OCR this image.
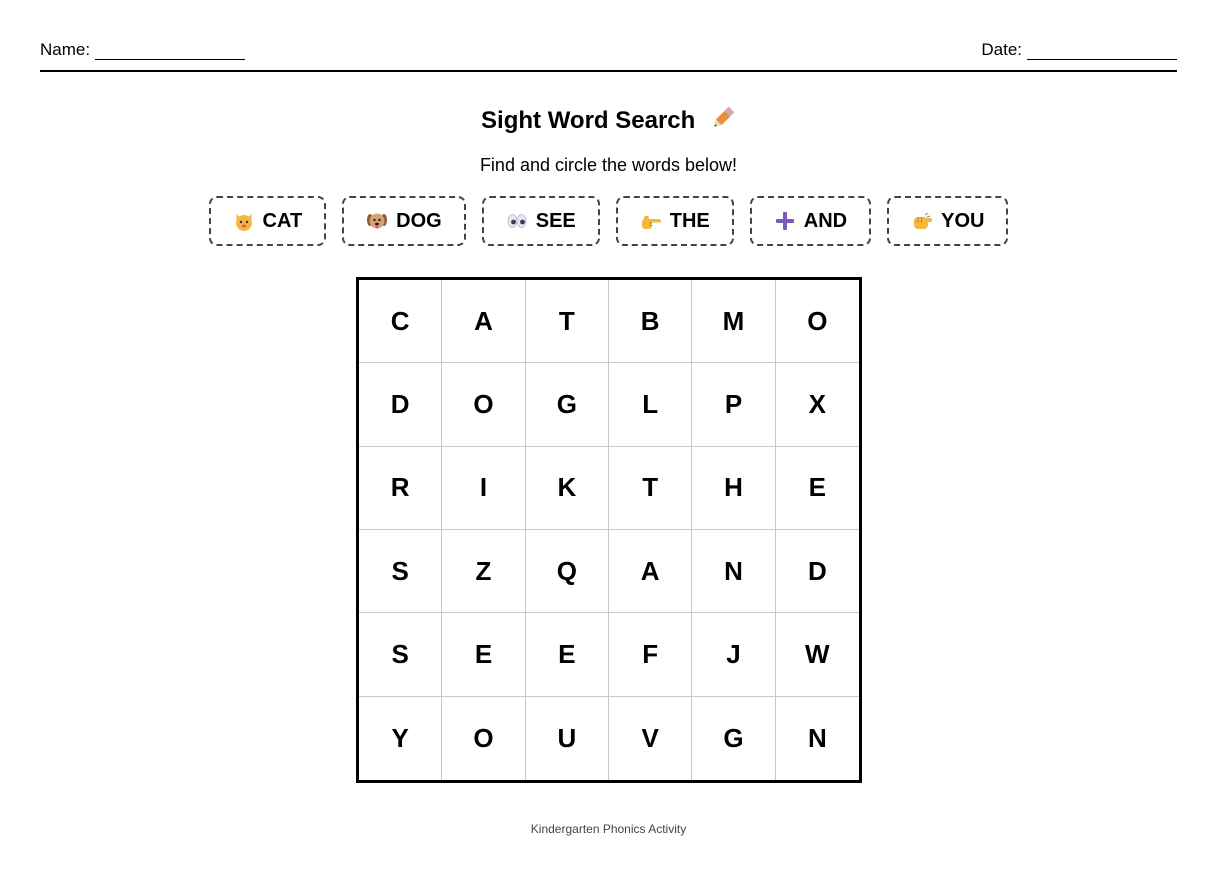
Name:	Date:
Sight Word Search
Find and circle the words below!
CAT	DOG	SEE	THE	AND	YOU
C	A	T	B	M	O
D	O	G	L	P	X
R	I	K	T	H	E
S	Z	Q	A	N	D
S	E	E	F	J	W
Y	O	U	V	G	N
Kindergarten Phonics Activity
